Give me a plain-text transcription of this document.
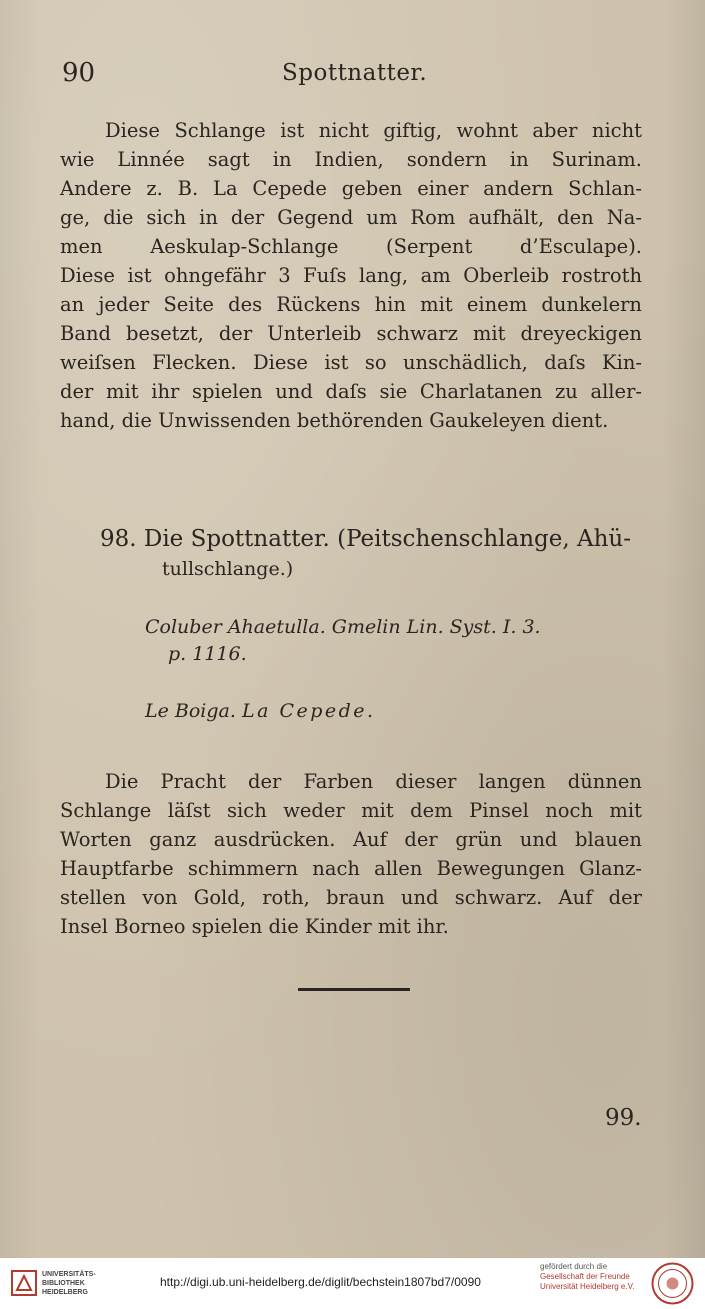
90	Spottnatter.
Diese Schlange ist nicht giftig, wohnt aber nicht
wie Linnée sagt in Indien, sondern in Surinam.
Andere z. B. La Cepede geben einer andern Schlan-
ge, die sich in der Gegend um Rom aufhält, den Na-
men Aeskulap-Schlange (Serpent d’Esculape).
Diese ist ohngefähr 3 Fuſs lang, am Oberleib rostroth
an jeder Seite des Rückens hin mit einem dunkelern
Band besetzt, der Unterleib schwarz mit dreyeckigen
weiſsen Flecken. Diese ist so unschädlich, daſs Kin-
der mit ihr spielen und daſs sie Charlatanen zu aller-
hand, die Unwissenden bethörenden Gaukeleyen dient.
98. Die Spottnatter. (Peitschenschlange, Ahü-
tullschlange.)
Coluber Ahaetulla. Gmelin Lin. Syst. I. 3.
p. 1116.
Le Boiga. La Cepede.
Die Pracht der Farben dieser langen dünnen
Schlange läſst sich weder mit dem Pinsel noch mit
Worten ganz ausdrücken. Auf der grün und blauen
Hauptfarbe schimmern nach allen Bewegungen Glanz-
stellen von Gold, roth, braun und schwarz. Auf der
Insel Borneo spielen die Kinder mit ihr.
99.
UNIVERSITÄTS-
BIBLIOTHEK
HEIDELBERG
http://digi.ub.uni-heidelberg.de/diglit/bechstein1807bd7/0090
gefördert durch die
Gesellschaft der Freunde
Universität Heidelberg e.V.
